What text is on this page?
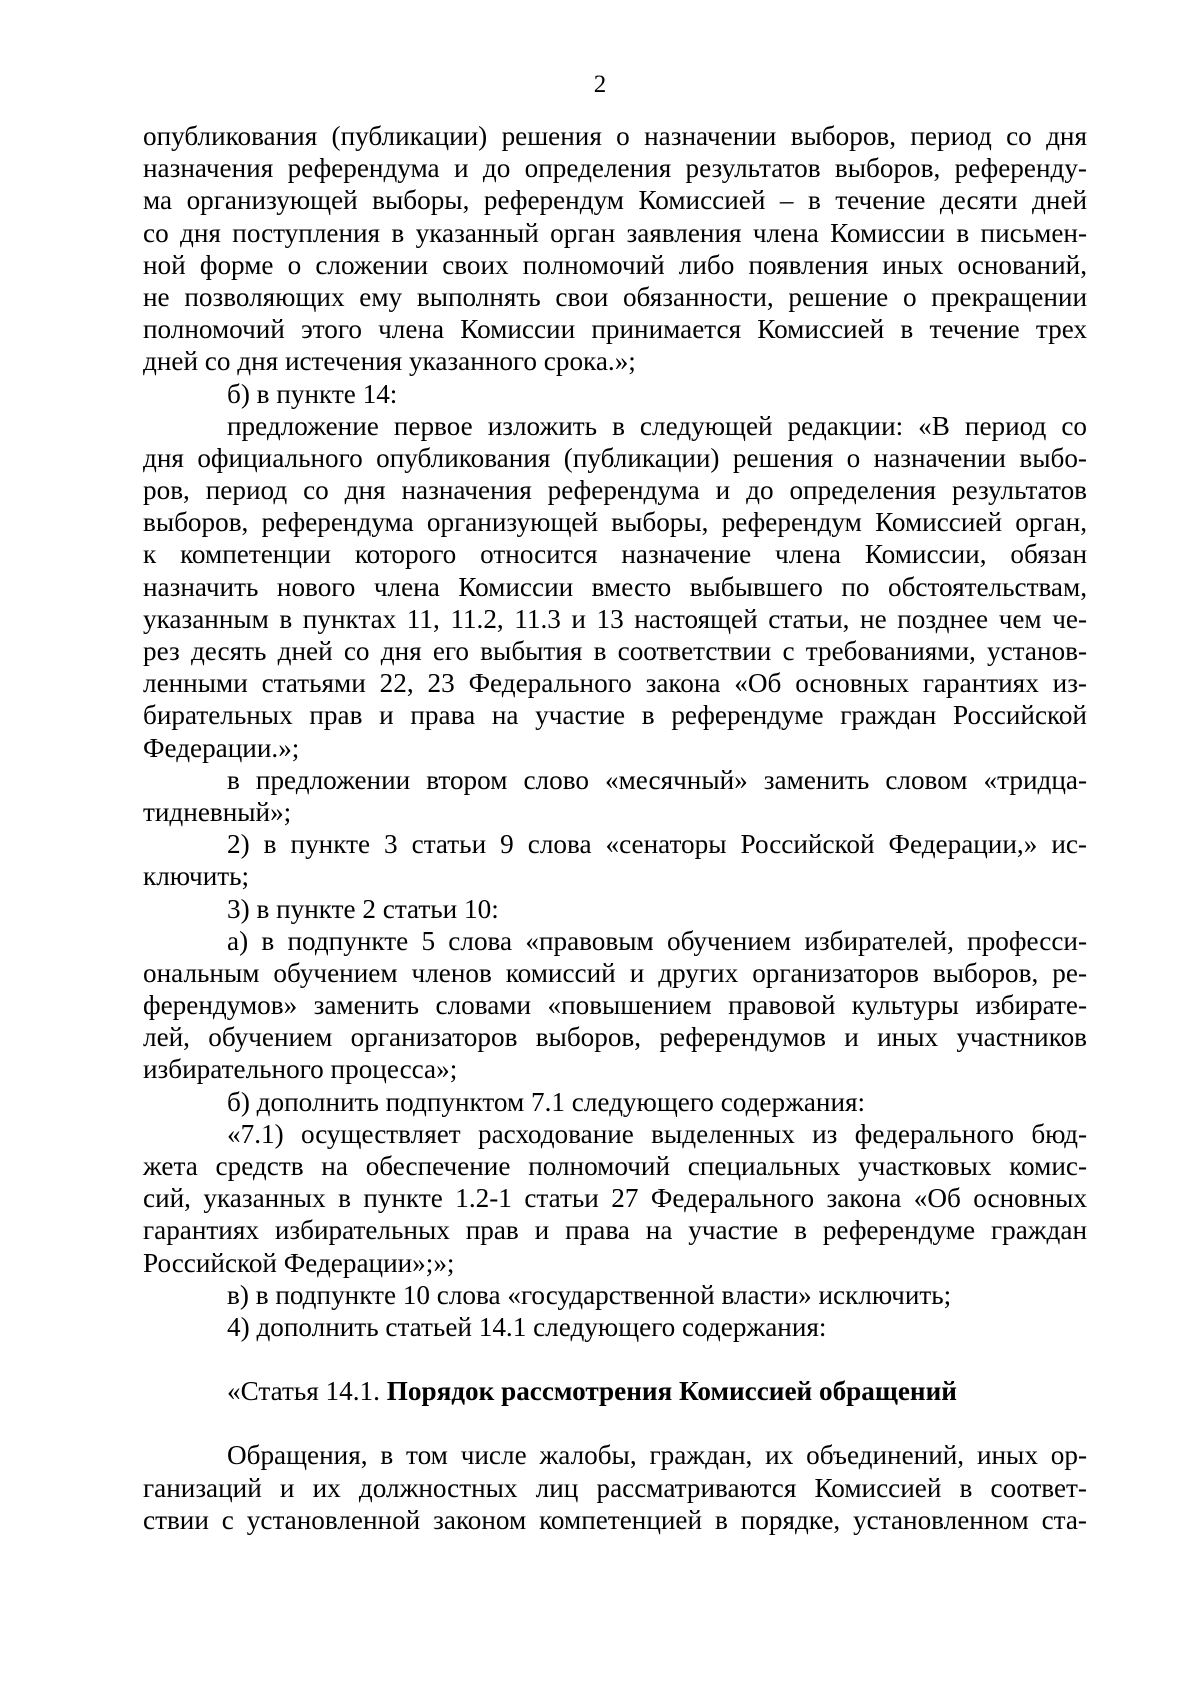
2
опубликования (публикации) решения о назначении выборов, период со дня
назначения референдума и до определения результатов выборов, референду-
ма организующей выборы, референдум Комиссией – в течение десяти дней
со дня поступления в указанный орган заявления члена Комиссии в письмен-
ной форме о сложении своих полномочий либо появления иных оснований,
не позволяющих ему выполнять свои обязанности, решение о прекращении
полномочий этого члена Комиссии принимается Комиссией в течение трех
дней со дня истечения указанного срока.»;
б) в пункте 14:
предложение первое изложить в следующей редакции: «В период со
дня официального опубликования (публикации) решения о назначении выбо-
ров, период со дня назначения референдума и до определения результатов
выборов, референдума организующей выборы, референдум Комиссией орган,
к компетенции которого относится назначение члена Комиссии, обязан
назначить нового члена Комиссии вместо выбывшего по обстоятельствам,
указанным в пунктах 11, 11.2, 11.3 и 13 настоящей статьи, не позднее чем че-
рез десять дней со дня его выбытия в соответствии с требованиями, установ-
ленными статьями 22, 23 Федерального закона «Об основных гарантиях из-
бирательных прав и права на участие в референдуме граждан Российской
Федерации.»;
в предложении втором слово «месячный» заменить словом «тридца-
тидневный»;
2) в пункте 3 статьи 9 слова «сенаторы Российской Федерации,» ис-
ключить;
3) в пункте 2 статьи 10:
а) в подпункте 5 слова «правовым обучением избирателей, професси-
ональным обучением членов комиссий и других организаторов выборов, ре-
ферендумов» заменить словами «повышением правовой культуры избирате-
лей, обучением организаторов выборов, референдумов и иных участников
избирательного процесса»;
б) дополнить подпунктом 7.1 следующего содержания:
«7.1) осуществляет расходование выделенных из федерального бюд-
жета средств на обеспечение полномочий специальных участковых комис-
сий, указанных в пункте 1.2-1 статьи 27 Федерального закона «Об основных
гарантиях избирательных прав и права на участие в референдуме граждан
Российской Федерации»;»;
в) в подпункте 10 слова «государственной власти» исключить;
4) дополнить статьей 14.1 следующего содержания:
«Статья 14.1. Порядок рассмотрения Комиссией обращений
Обращения, в том числе жалобы, граждан, их объединений, иных ор-
ганизаций и их должностных лиц рассматриваются Комиссией в соответ-
ствии с установленной законом компетенцией в порядке, установленном ста-
